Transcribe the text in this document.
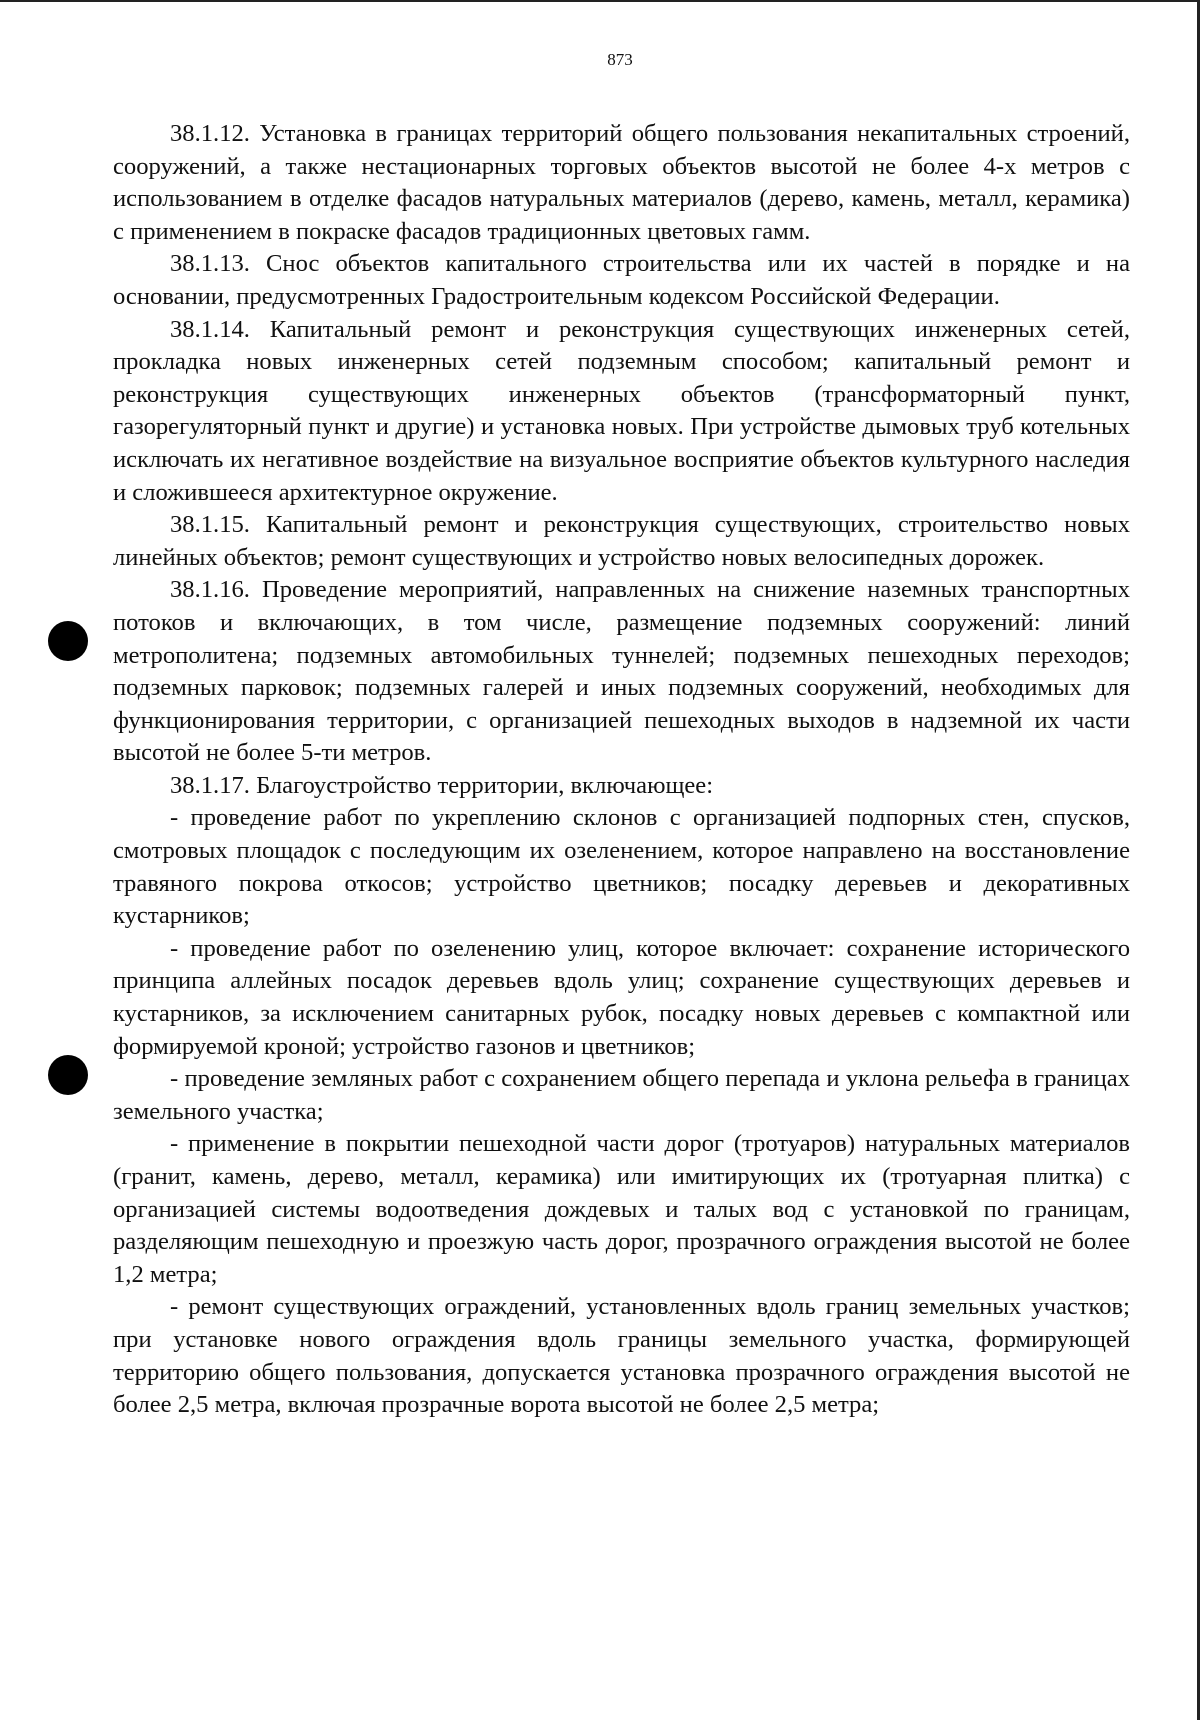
873

38.1.12. Установка в границах территорий общего пользования некапитальных строений, сооружений, а также нестационарных торговых объектов высотой не более 4-х метров с использованием в отделке фасадов натуральных материалов (дерево, камень, металл, керамика) с применением в покраске фасадов традиционных цветовых гамм.

38.1.13. Снос объектов капитального строительства или их частей в порядке и на основании, предусмотренных Градостроительным кодексом Российской Федерации.

38.1.14. Капитальный ремонт и реконструкция существующих инженерных сетей, прокладка новых инженерных сетей подземным способом; капитальный ремонт и реконструкция существующих инженерных объектов (трансформаторный пункт, газорегуляторный пункт и другие) и установка новых. При устройстве дымовых труб котельных исключать их негативное воздействие на визуальное восприятие объектов культурного наследия и сложившееся архитектурное окружение.

38.1.15. Капитальный ремонт и реконструкция существующих, строительство новых линейных объектов; ремонт существующих и устройство новых велосипедных дорожек.

38.1.16. Проведение мероприятий, направленных на снижение наземных транспортных потоков и включающих, в том числе, размещение подземных сооружений: линий метрополитена; подземных автомобильных туннелей; подземных пешеходных переходов; подземных парковок; подземных галерей и иных подземных сооружений, необходимых для функционирования территории, с организацией пешеходных выходов в надземной их части высотой не более 5-ти метров.

38.1.17. Благоустройство территории, включающее:

- проведение работ по укреплению склонов с организацией подпорных стен, спусков, смотровых площадок с последующим их озеленением, которое направлено на восстановление травяного покрова откосов; устройство цветников; посадку деревьев и декоративных кустарников;

- проведение работ по озеленению улиц, которое включает: сохранение исторического принципа аллейных посадок деревьев вдоль улиц; сохранение существующих деревьев и кустарников, за исключением санитарных рубок, посадку новых деревьев с компактной или формируемой кроной; устройство газонов и цветников;

- проведение земляных работ с сохранением общего перепада и уклона рельефа в границах земельного участка;

- применение в покрытии пешеходной части дорог (тротуаров) натуральных материалов (гранит, камень, дерево, металл, керамика) или имитирующих их (тротуарная плитка) с организацией системы водоотведения дождевых и талых вод с установкой по границам, разделяющим пешеходную и проезжую часть дорог, прозрачного ограждения высотой не более 1,2 метра;

- ремонт существующих ограждений, установленных вдоль границ земельных участков; при установке нового ограждения вдоль границы земельного участка, формирующей территорию общего пользования, допускается установка прозрачного ограждения высотой не более 2,5 метра, включая прозрачные ворота высотой не более 2,5 метра;
